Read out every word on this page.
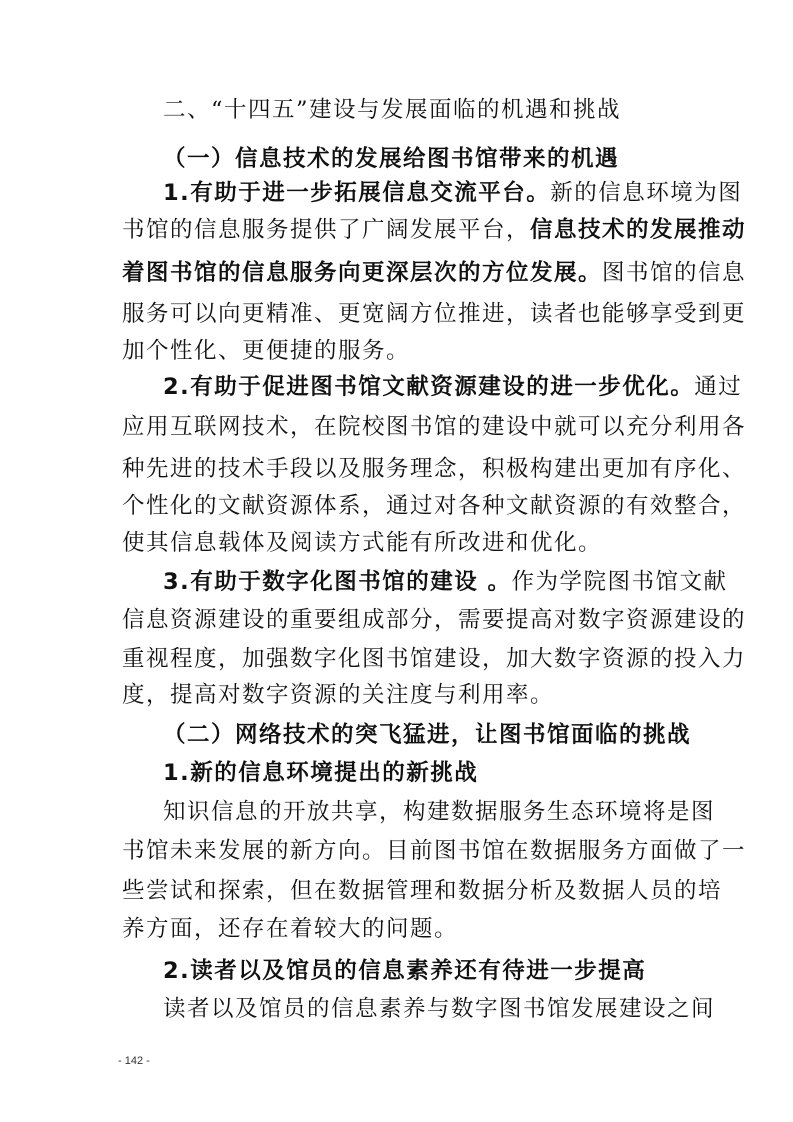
二、“十四五”建设与发展面临的机遇和挑战
（一）信息技术的发展给图书馆带来的机遇
1.有助于进一步拓展信息交流平台。新的信息环境为图
书馆的信息服务提供了广阔发展平台，信息技术的发展推动
着图书馆的信息服务向更深层次的方位发展。图书馆的信息
服务可以向更精准、更宽阔方位推进，读者也能够享受到更
加个性化、更便捷的服务。
2.有助于促进图书馆文献资源建设的进一步优化。通过
应用互联网技术，在院校图书馆的建设中就可以充分利用各
种先进的技术手段以及服务理念，积极构建出更加有序化、
个性化的文献资源体系，通过对各种文献资源的有效整合，
使其信息载体及阅读方式能有所改进和优化。
3.有助于数字化图书馆的建设 。作为学院图书馆文献
信息资源建设的重要组成部分，需要提高对数字资源建设的
重视程度，加强数字化图书馆建设，加大数字资源的投入力
度，提高对数字资源的关注度与利用率。
（二）网络技术的突飞猛进，让图书馆面临的挑战
1.新的信息环境提出的新挑战
知识信息的开放共享，构建数据服务生态环境将是图
书馆未来发展的新方向。目前图书馆在数据服务方面做了一
些尝试和探索，但在数据管理和数据分析及数据人员的培
养方面，还存在着较大的问题。
2.读者以及馆员的信息素养还有待进一步提高
读者以及馆员的信息素养与数字图书馆发展建设之间
- 142 -
